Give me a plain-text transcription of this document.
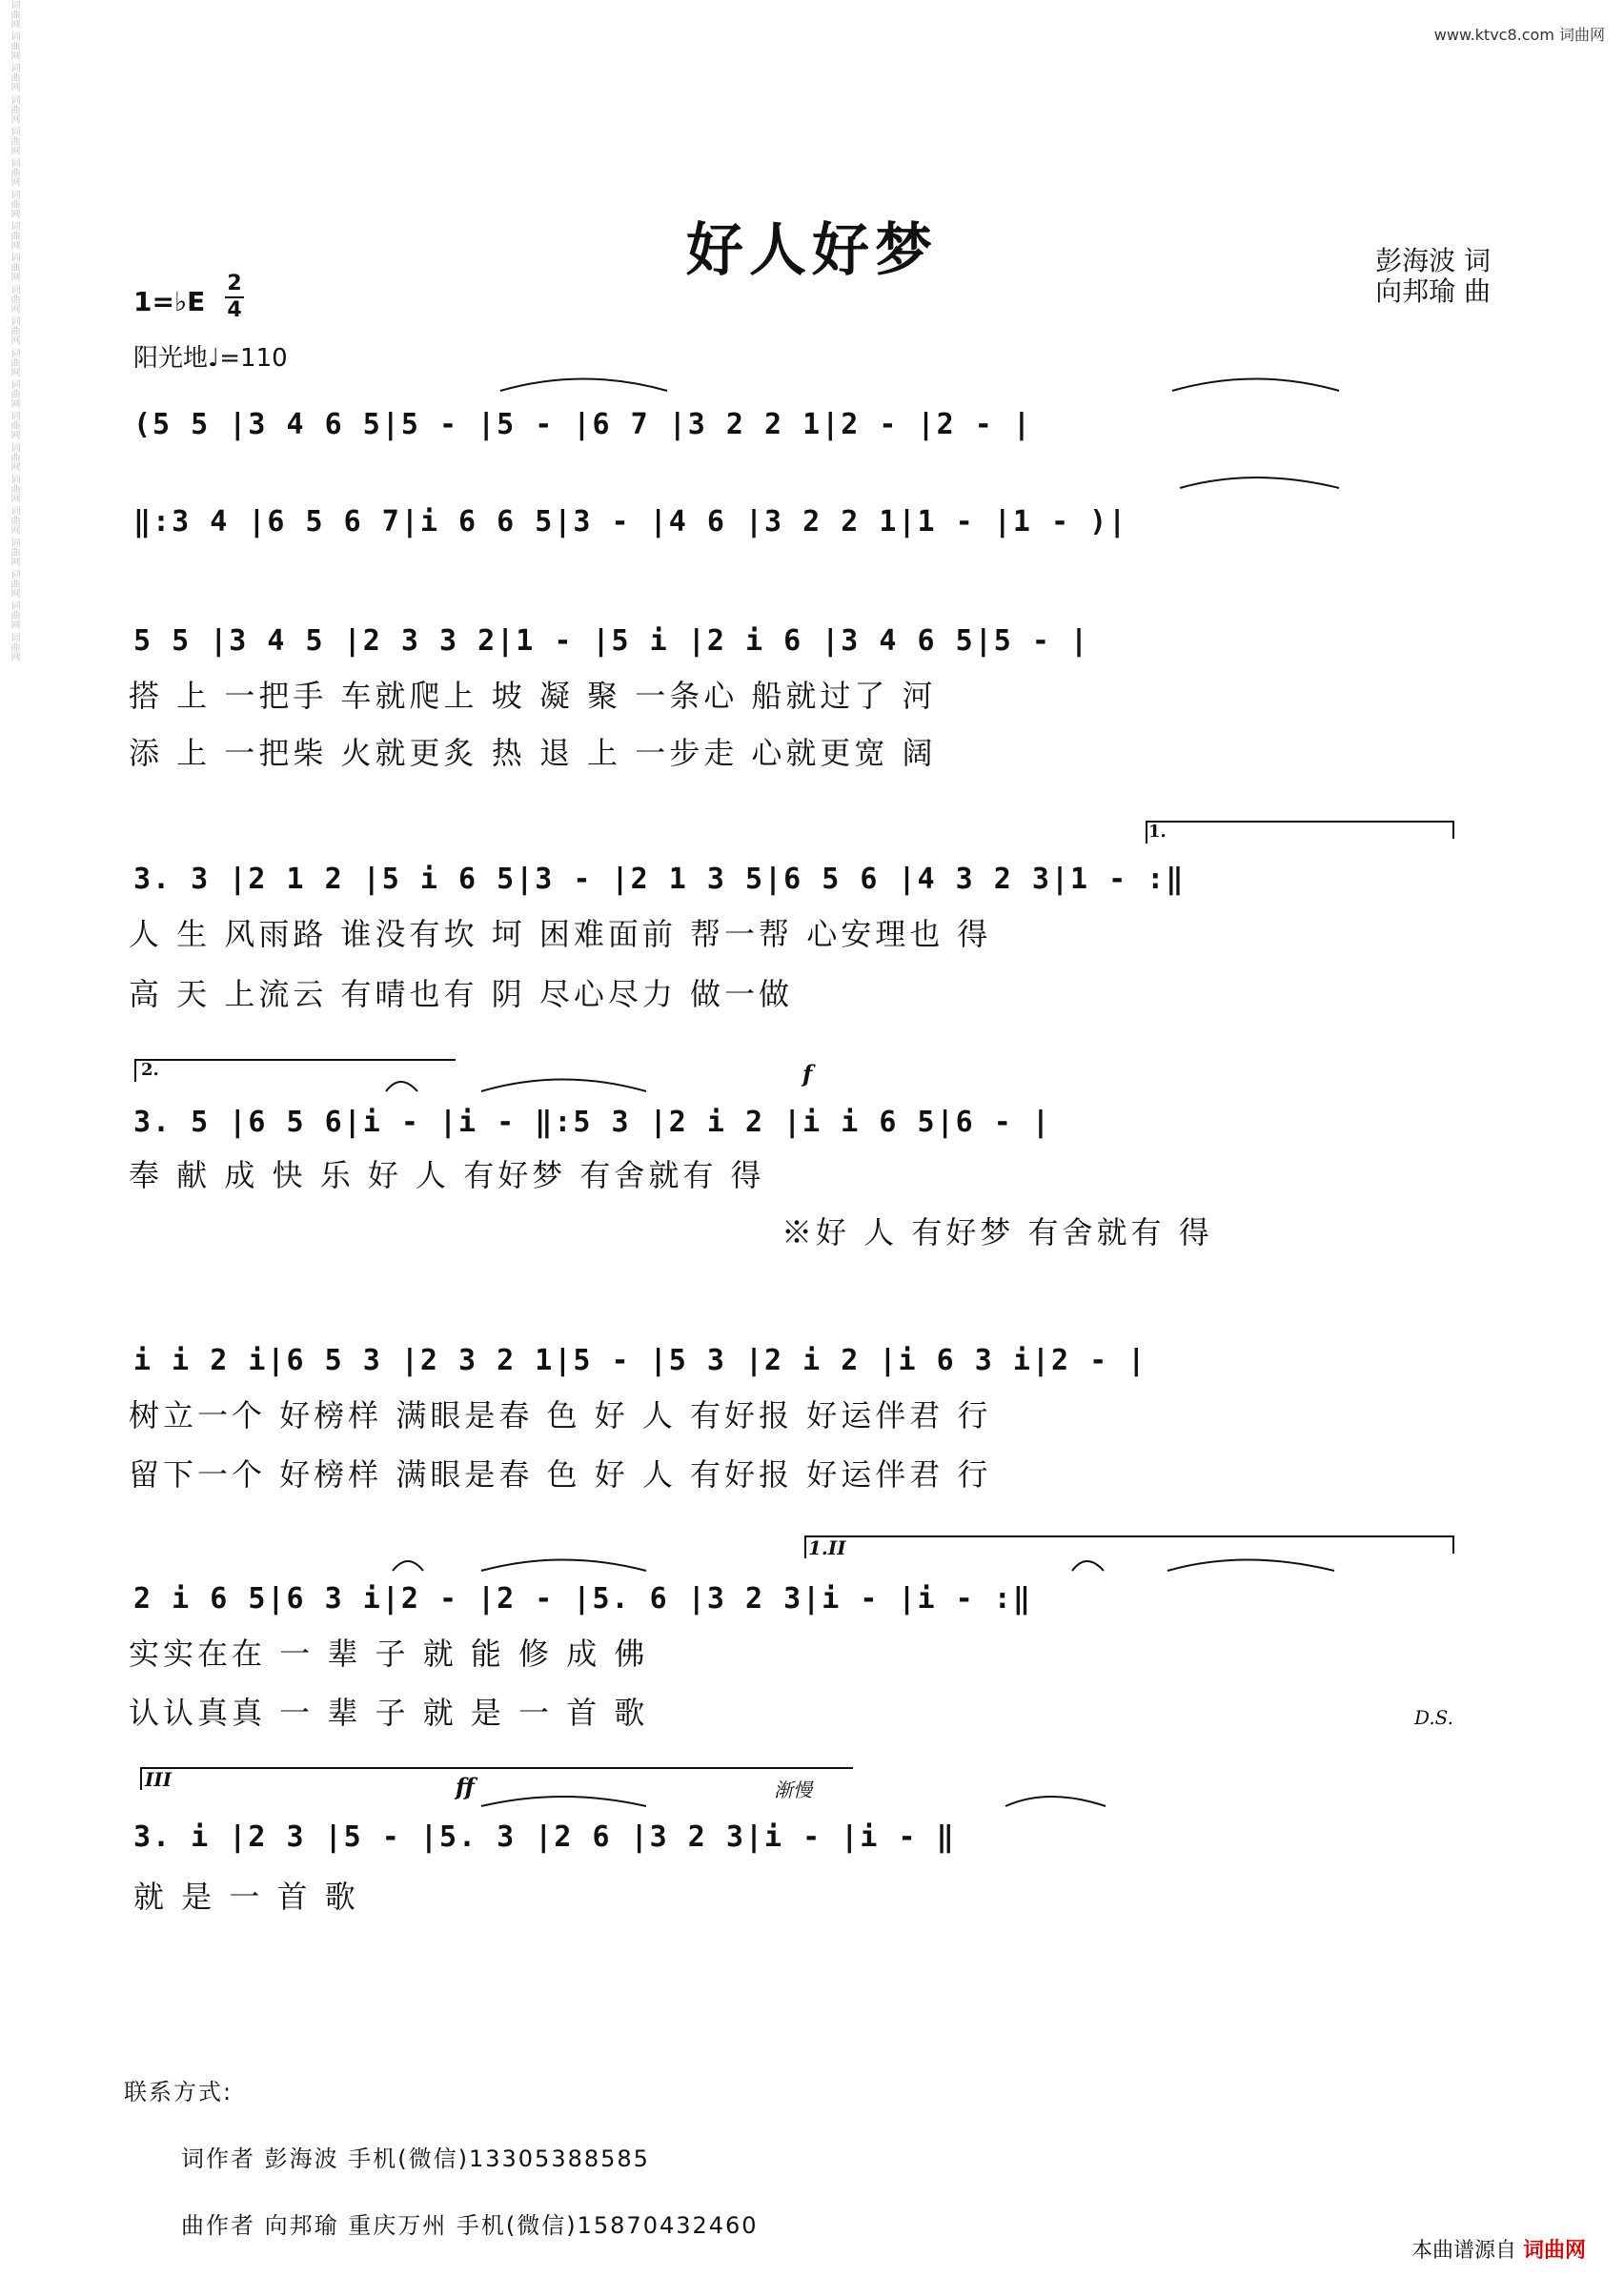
词曲网 词曲网 词曲网 词曲网 词曲网 词曲网 词曲网 词曲网 词曲网 词曲网 词曲网 词曲网 词曲网 词曲网 词曲网 词曲网 词曲网 词曲网 词曲网 词曲网 词曲网	www.ktvc8.com 词曲网
好人好梦	彭海波 词
向邦瑜 曲
1=♭E
2
4
阳光地♩=110
(5 5 |3 4 6 5|5 - |5 - |6 7 |3 2 2 1|2 - |2 - |
‖:3 4 |6 5 6 7|i 6 6 5|3 - |4 6 |3 2 2 1|1 - |1 - )|
5 5 |3 4 5 |2 3 3 2|1 - |5 i |2 i 6 |3 4 6 5|5 - |
搭 上 一把手 车就爬上 坡 凝 聚 一条心 船就过了 河
添 上 一把柴 火就更炙 热 退 上 一步走 心就更宽 阔
3. 3 |2 1 2 |5 i 6 5|3 - |2 1 3 5|6 5 6 |4 3 2 3|1 - :‖
人 生 风雨路 谁没有坎 坷 困难面前 帮一帮 心安理也 得
高 天 上流云 有晴也有 阴 尽心尽力 做一做
3. 5 |6 5 6|i - |i - ‖:5 3 |2 i 2 |i i 6 5|6 - |
奉 献 成 快 乐 好 人 有好梦 有舍就有 得
※好 人 有好梦 有舍就有 得
i i 2 i|6 5 3 |2 3 2 1|5 - |5 3 |2 i 2 |i 6 3 i|2 - |
树立一个 好榜样 满眼是春 色 好 人 有好报 好运伴君 行
留下一个 好榜样 满眼是春 色 好 人 有好报 好运伴君 行
2 i 6 5|6 3 i|2 - |2 - |5. 6 |3 2 3|i - |i - :‖
实实在在 一 辈 子 就 能 修 成 佛
认认真真 一 辈 子 就 是 一 首 歌
3. i |2 3 |5 - |5. 3 |2 6 |3 2 3|i - |i - ‖
就 是 一 首 歌
1.
2.	f
1.II
D.S.
III	ff	渐慢
联系方式:
词作者 彭海波 手机(微信)13305388585
曲作者 向邦瑜 重庆万州 手机(微信)15870432460
本曲谱源自 词曲网
